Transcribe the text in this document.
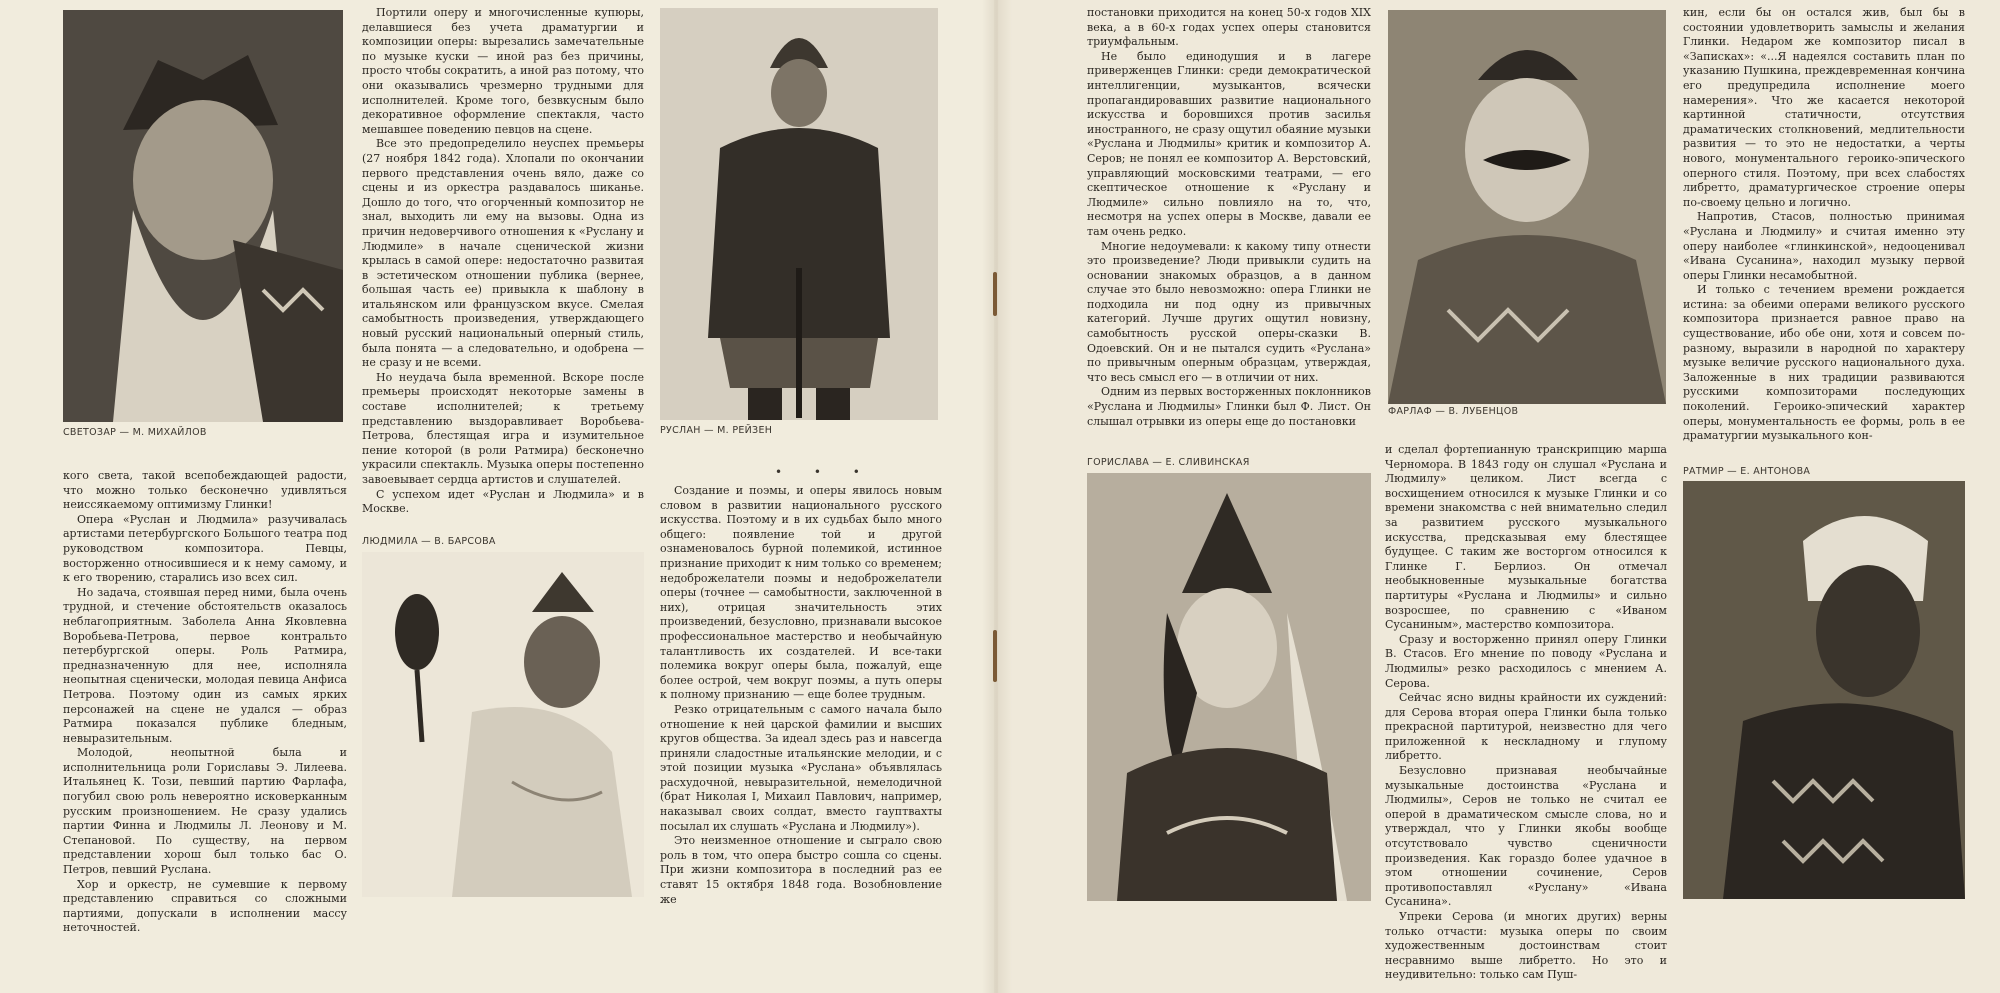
СВЕТОЗАР — М. МИХАЙЛОВ

кого света, такой всепобеждающей радости, что можно только бесконечно удивляться неиссякаемому оптимизму Глинки!

Опера «Руслан и Людмила» разучивалась артистами петербургского Большого театра под руководством композитора. Певцы, восторженно относившиеся и к нему самому, и к его творению, старались изо всех сил.

Но задача, стоявшая перед ними, была очень трудной, и стечение обстоятельств оказалось неблагоприятным. Заболела Анна Яковлевна Воробьева-Петрова, первое контральто петербургской оперы. Роль Ратмира, предназначенную для нее, исполняла неопытная сценически, молодая певица Анфиса Петрова. Поэтому один из самых ярких персонажей на сцене не удался — образ Ратмира показался публике бледным, невыразительным.

Молодой, неопытной была и исполнительница роли Гориславы Э. Лилеева. Итальянец К. Този, певший партию Фарлафа, погубил свою роль невероятно исковерканным русским произношением. Не сразу удались партии Финна и Людмилы Л. Леонову и М. Степановой. По существу, на первом представлении хорош был только бас О. Петров, певший Руслана.

Хор и оркестр, не сумевшие к первому представлению справиться со сложными партиями, допускали в исполнении массу неточностей.

Портили оперу и многочисленные купюры, делавшиеся без учета драматургии и композиции оперы: вырезались замечательные по музыке куски — иной раз без причины, просто чтобы сократить, а иной раз потому, что они оказывались чрезмерно трудными для исполнителей. Кроме того, безвкусным было декоративное оформление спектакля, часто мешавшее поведению певцов на сцене.

Все это предопределило неуспех премьеры (27 ноября 1842 года). Хлопали по окончании первого представления очень вяло, даже со сцены и из оркестра раздавалось шиканье. Дошло до того, что огорченный композитор не знал, выходить ли ему на вызовы. Одна из причин недоверчивого отношения к «Руслану и Людмиле» в начале сценической жизни крылась в самой опере: недостаточно развитая в эстетическом отношении публика (вернее, большая часть ее) привыкла к шаблону в итальянском или французском вкусе. Смелая самобытность произведения, утверждающего новый русский национальный оперный стиль, была понята — а следовательно, и одобрена — не сразу и не всеми.

Но неудача была временной. Вскоре после премьеры происходят некоторые замены в составе исполнителей; к третьему представлению выздоравливает Воробьева-Петрова, блестящая игра и изумительное пение которой (в роли Ратмира) бесконечно украсили спектакль. Музыка оперы постепенно завоевывает сердца артистов и слушателей.

С успехом идет «Руслан и Людмила» и в Москве.

ЛЮДМИЛА — В. БАРСОВА
РУСЛАН — М. РЕЙЗЕН
• • •

Создание и поэмы, и оперы явилось новым словом в развитии национального русского искусства. Поэтому и в их судьбах было много общего: появление той и другой ознаменовалось бурной полемикой, истинное признание приходит к ним только со временем; недоброжелатели поэмы и недоброжелатели оперы (точнее — самобытности, заключенной в них), отрицая значительность этих произведений, безусловно, признавали высокое профессиональное мастерство и необычайную талантливость их создателей. И все-таки полемика вокруг оперы была, пожалуй, еще более острой, чем вокруг поэмы, а путь оперы к полному признанию — еще более трудным.

Резко отрицательным с самого начала было отношение к ней царской фамилии и высших кругов общества. За идеал здесь раз и навсегда приняли сладостные итальянские мелодии, и с этой позиции музыка «Руслана» объявлялась расхудочной, невыразительной, немелодичной (брат Николая I, Михаил Павлович, например, наказывал своих солдат, вместо гауптвахты посылал их слушать «Руслана и Людмилу»).

Это неизменное отношение и сыграло свою роль в том, что опера быстро сошла со сцены. При жизни композитора в последний раз ее ставят 15 октября 1848 года. Возобновление же

постановки приходится на конец 50-х годов XIX века, а в 60-х годах успех оперы становится триумфальным.

Не было единодушия и в лагере приверженцев Глинки: среди демократической интеллигенции, музыкантов, всячески пропагандировавших развитие национального искусства и боровшихся против засилья иностранного, не сразу ощутил обаяние музыки «Руслана и Людмилы» критик и композитор А. Серов; не понял ее композитор А. Верстовский, управляющий московскими театрами, — его скептическое отношение к «Руслану и Людмиле» сильно повлияло на то, что, несмотря на успех оперы в Москве, давали ее там очень редко.

Многие недоумевали: к какому типу отнести это произведение? Люди привыкли судить на основании знакомых образцов, а в данном случае это было невозможно: опера Глинки не подходила ни под одну из привычных категорий. Лучше других ощутил новизну, самобытность русской оперы-сказки В. Одоевский. Он и не пытался судить «Руслана» по привычным оперным образцам, утверждая, что весь смысл его — в отличии от них.

Одним из первых восторженных поклонников «Руслана и Людмилы» Глинки был Ф. Лист. Он слышал отрывки из оперы еще до постановки

ГОРИСЛАВА — Е. СЛИВИНСКАЯ
ФАРЛАФ — В. ЛУБЕНЦОВ

и сделал фортепианную транскрипцию марша Черномора. В 1843 году он слушал «Руслана и Людмилу» целиком. Лист всегда с восхищением относился к музыке Глинки и со времени знакомства с ней внимательно следил за развитием русского музыкального искусства, предсказывая ему блестящее будущее. С таким же восторгом относился к Глинке Г. Берлиоз. Он отмечал необыкновенные музыкальные богатства партитуры «Руслана и Людмилы» и сильно возросшее, по сравнению с «Иваном Сусаниным», мастерство композитора.

Сразу и восторженно принял оперу Глинки В. Стасов. Его мнение по поводу «Руслана и Людмилы» резко расходилось с мнением А. Серова.

Сейчас ясно видны крайности их суждений: для Серова вторая опера Глинки была только прекрасной партитурой, неизвестно для чего приложенной к нескладному и глупому либретто.

Безусловно признавая необычайные музыкальные достоинства «Руслана и Людмилы», Серов не только не считал ее оперой в драматическом смысле слова, но и утверждал, что у Глинки якобы вообще отсутствовало чувство сценичности произведения. Как гораздо более удачное в этом отношении сочинение, Серов противопоставлял «Руслану» «Ивана Сусанина».

Упреки Серова (и многих других) верны только отчасти: музыка оперы по своим художественным достоинствам стоит несравнимо выше либретто. Но это и неудивительно: только сам Пуш-

кин, если бы он остался жив, был бы в состоянии удовлетворить замыслы и желания Глинки. Недаром же композитор писал в «Записках»: «...Я надеялся составить план по указанию Пушкина, преждевременная кончина его предупредила исполнение моего намерения». Что же касается некоторой картинной статичности, отсутствия драматических столкновений, медлительности развития — то это не недостатки, а черты нового, монументального героико-эпического оперного стиля. Поэтому, при всех слабостях либретто, драматургическое строение оперы по-своему цельно и логично.

Напротив, Стасов, полностью принимая «Руслана и Людмилу» и считая именно эту оперу наиболее «глинкинской», недооценивал «Ивана Сусанина», находил музыку первой оперы Глинки несамобытной.

И только с течением времени рождается истина: за обеими операми великого русского композитора признается равное право на существование, ибо обе они, хотя и совсем по-разному, выразили в народной по характеру музыке величие русского национального духа. Заложенные в них традиции развиваются русскими композиторами последующих поколений. Героико-эпический характер оперы, монументальность ее формы, роль в ее драматургии музыкального кон-

РАТМИР — Е. АНТОНОВА
